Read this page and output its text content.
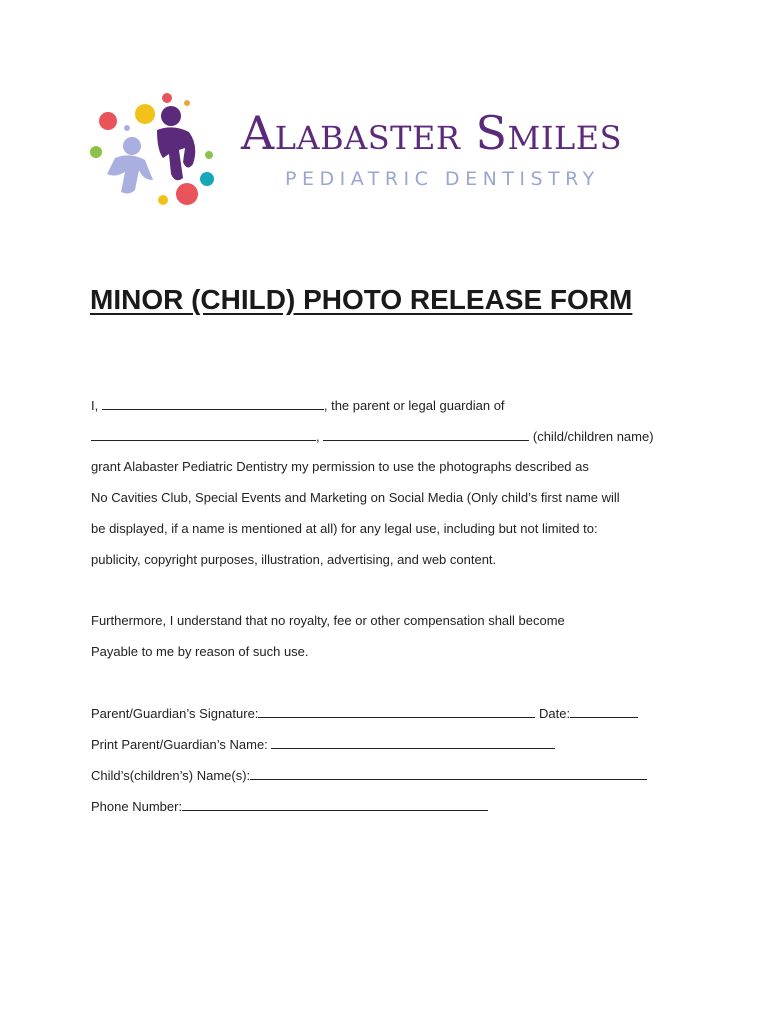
Alabaster Smiles
PEDIATRIC DENTISTRY
MINOR (CHILD) PHOTO RELEASE FORM
I,	, the parent or legal guardian of
,	(child/children name)
grant Alabaster Pediatric Dentistry my permission to use the photographs described as
No Cavities Club, Special Events and Marketing on Social Media (Only child’s first name will
be displayed, if a name is mentioned at all) for any legal use, including but not limited to:
publicity, copyright purposes, illustration, advertising, and web content.
Furthermore, I understand that no royalty, fee or other compensation shall become
Payable to me by reason of such use.
Parent/Guardian’s Signature:	Date:
Print Parent/Guardian’s Name:
Child’s(children’s) Name(s):
Phone Number:
